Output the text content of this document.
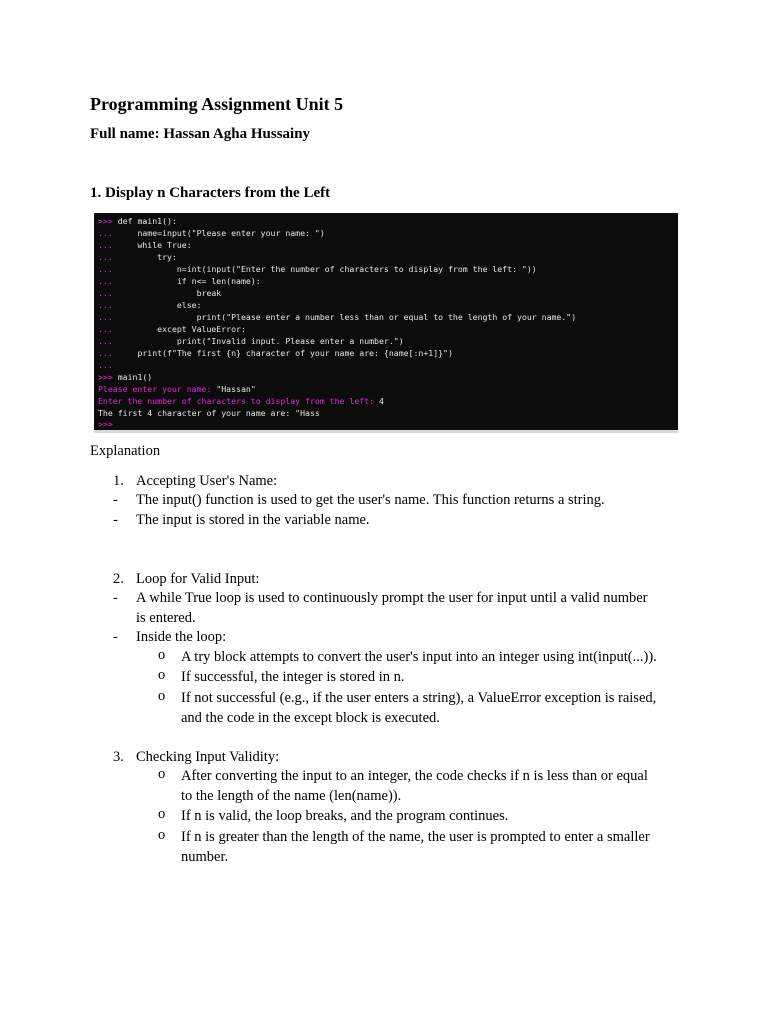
Programming Assignment Unit 5
Full name: Hassan Agha Hussainy
1. Display n Characters from the Left
>>> def main1():
...     name=input("Please enter your name: ")
...     while True:
...         try:
...             n=int(input("Enter the number of characters to display from the left: "))
...             if n<= len(name):
...                 break
...             else:
...                 print("Please enter a number less than or equal to the length of your name.")
...         except ValueError:
...             print("Invalid input. Please enter a number.")
...     print(f"The first {n} character of your name are: {name[:n+1]}")
...
>>> main1()
Please enter your name: "Hassan"
Enter the number of characters to display from the left: 4
The first 4 character of your name are: "Hass
>>>
Explanation
1. Accepting User's Name:
- The input() function is used to get the user's name. This function returns a string.
- The input is stored in the variable name.
2. Loop for Valid Input:
- A while True loop is used to continuously prompt the user for input until a valid number
is entered.
- Inside the loop:
o A try block attempts to convert the user's input into an integer using int(input(...)).
o If successful, the integer is stored in n.
o If not successful (e.g., if the user enters a string), a ValueError exception is raised,
and the code in the except block is executed.
3. Checking Input Validity:
o After converting the input to an integer, the code checks if n is less than or equal
to the length of the name (len(name)).
o If n is valid, the loop breaks, and the program continues.
o If n is greater than the length of the name, the user is prompted to enter a smaller
number.
